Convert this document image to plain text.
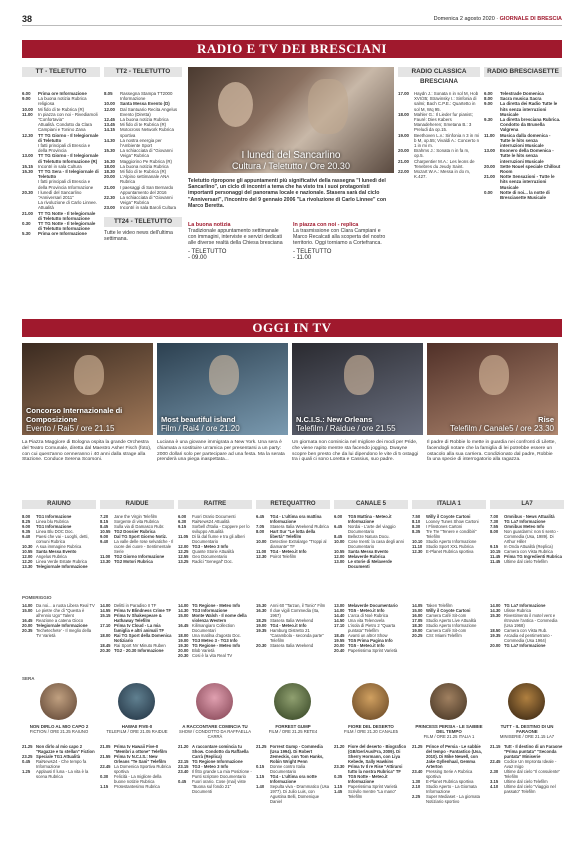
38	Domenica 2 agosto 2020 · GIORNALE DI BRESCIA
RADIO E TV DEI BRESCIANI
TT - TELETUTTO
6.00	Prima ore Informazione
9.00	La buona notizia Rubrica religiosa
10.00	Mi fido di te Rubrica (R)
11.00	In piazza con noi - Rivediamoli "Confortavia"
Attualità. Condotto da Clara Campiani e Tonino Zana
12.30	TT TG Giorno - Il telegiornale di Teletutto
I fatti principali di Brescia e della Provincia
13.00	TT TG Giorno - Il telegiornale di Teletutto Informazione (R)
15.15	Incontri in sala Cultura
15.30	TT TG Sera - Il telegiornale di Teletutto
I fatti principali di Brescia e della Provincia Informazione
20.30	I lunedì del Sancarlino "Anniversari 2011"
La rivoluzione di Carlo Linnee. Attualità
21.00	TT TG Notte - Il telegiornale di Teletutto Informazione
0.30	TT TG Notte - Il telegiornale di Teletutto Informazione
5.30	Prima ore Informazione
TT2 - TELETUTTO
8.05	Rassegna Stampa TT2000 Informazione
10.00	Santa Messa Evento (D)
12.00	Dal Santuario Recita Angelus Evento (Diretta)
12.45	La buona notizia Rubrica
13.45	Mi fido di te Rubrica (R)
14.15	Motocross Network Rubrica sportiva
14.30	La nostra energia per l'Ambiente Sport
15.30	La schiacciata di "Giovanni Veiga" Rubrica
16.30	Maggiorino Pe Rubrica (R)
18.00	La buona notizia Rubrica
18.30	Mi fido di te Rubrica (R)
20.00	L'Alpino settimanale ANA Rubrica
21.00	I paesaggi di San Bernardo Appuntamento del 2016
22.30	La schiacciata di "Giovanni Veiga" Rubrica
23.00	Incontri in sala Baroli Cultura
TT24 - TELETUTTO
Tutte le video news dell'ultima settimana.
I lunedì del Sancarlino
Cultura / Teletutto / Ore 20.30
Teletutto ripropone gli appuntamenti più significativi della rassegna "I lunedì del Sancarlino", un ciclo di incontri a tema che ha visto tra i suoi protagonisti importanti personaggi del panorama locale e nazionale. Stasera sarà dal ciclo "Anniversari", l'incontro del 9 gennaio 2006 "La rivoluzione di Carlo Linnee" con Marco Beretta.
La buona notizia
Tradizionale appuntamento settimanale con immagini, interviste e servizi dedicati alle diverse realtà della Chiesa bresciana
- TELETUTTO
- 09.00
In piazza con noi - replica
La trasmissione con Clara Campiani e Marco Recalcati alla scoperta del nostro territorio. Oggi torniamo a Cortefranca.
- TELETUTTO
- 11.00
RADIO CLASSICA BRESCIANA
17.00	Haydn J.: Sonata n in sol M, Hob XVI/35; Stravinsky I.: Sinfonia di salmi; Bach C.P.E.: Quartetto in sol M, Wq 95.
18.00	Mahler G.: Il Lieder fur pianist; Fauré: Dies Kabers Manadeheren; Smetana B.: 3 Preludi da op.15.
19.00	Beethoven L.v.: Sinfonia n 3 in mi b M, op.55; Vivaldi A.: Concerto n 1 in mi m.
20.00	Brahms J.: Sonata n in fa m, op.5.
21.00	Charpentier M.A.: Les leons de Tenebres du Jeudy Saint.
22.00	Mozart W.A.: Messa in do m, K.427.
RADIO BRESCIASETTE
6.00	Telestrade Domenica
8.00	Sacra musica Sacra
9.00	La diretta dei Radio Tutte le hits senza interruzioni Musicale
9.30	La diretta bresciana Rubrica. Condotto da Brunella Valgrena
11.00	Musica dalla domenica - Tutte le hits senza interruzioni Musicale
13.00	Esonero della Domenica - Tutte le hits senza interruzioni Musicale
20.00	Sette Nouel speciale Chillout Room
21.00	Notte Sensazioni - Tutte le hits senza interruzioni Musicale
0.00	Notte di noi... la notte di Bresciasette Musicale
OGGI IN TV
Concorso Internazionale di Composizione
Evento / Rai5 / ore 21.15
La Piazza Maggiore di Bologna ospita la grande Orchestra del Teatro Comunale, diretta dal Maestro Asher Fisch (foto), con cui quest'anno cenneranno i 40 anni dalla strage alla Stazione. Conduce Serena Scorsoni.
Most beautiful island
Film / Rai4 / ore 21.20
Luciana è una giovane immigrata a New York. Una sera è chiamata a sostituire un'amica per presentarsi a un party: 2000 dollari solo per partecipare ad una festa. Ma la serata prenderà una piega inaspettata...
N.C.I.S.: New Orleans
Telefilm / Raidue / ore 21.55
Un giornata non cominicia nel migliore dei modi per Pride, che viene rapito mentre sta facendo jogging. Dwayne scopre ben presto che da lui dipendono le vite di 5 ostaggi tra i quali ci sono Loretta e Cassius, suo padre.
Rise
Telefilm / Canale5 / ore 23.30
Il padre di Robbie lo mette in guardia nei confronti di Lilette, facendogli notare che la famiglia di lei potrebbe essere un ostacolo alla sua carriera. Condizionato dal padre, Robbie fa una specie di interrogatorio alla ragazza.
RAIUNO	RAIDUE	RAITRE	RETEQUATTRO	CANALE 5	ITALIA 1	LA7
8.00	TG1 Informazione
8.25	Linea blu Rubrica
9.00	TG1 Informazione
9.35	Linea Blu DOC Doc.
9.40	Paesi che vai - Luoghi, detti, comuni Rubrica
10.30 A sua immagine Rubrica
10.55 Santa Messa Evento
12.00 Angelus Rubrica
12.20 Linea Verde Estate Rubrica
13.30 Telegiornale Informazione
7.20	Jane the Virgin Telefilm
8.15	Sorgente di vita Rubrica
8.45	Sulla via di Damasco Rubr.
10.55 TG2 Dossier Rubrica
9.00	Dal TG Sport Giorno Notiz.
9.40	La valle delle rose selvatiche - Il cuore dei cuore - Sentimentale Serie
11.00 TG2 Giorno Informazione
13.30 TG2 Motori Rubrica
6.00	Fuori Orario Documenti
6.30	RaiNews24 Attualità
9.15	Sorbell d'Italia - Coppere per lo sviluppo Attualità
11.05 Di là dal fiume e tra gli alberi Documentario
12.00 TG3 - Meteo 3 Info
12.25 Quante Storie Attualità
12.55 Geo Documentario
13.25 Radici "Senegal" Doc.
6.45	TG4 - L'ultima ora mattina Informazione
7.05	Stasera Italia Weekend Rubrica
8.00	Hart Sur "Le lotta della libertà" Telefilm
10.00 Detective Extralarge "Troppi al diamante" TF
11.00 TG4 - Meteo.it Info
12.30 Poirot Telefilm
6.00	TG5 Mattina - Meteo.it Informazione
6.45	Nordai - L'arte del viaggio Documentario
8.45	Bellezze Natura Docu.
10.00 Cose Inenti: la casa degli anni Documentario
10.55 Santa Messa Evento
12.00 Melaverde Rubrica
13.00 Le storie di Melaverde Documenti
7.50	Willy il Coyote Cartoni
8.10	Looney Tunes Show Cartoni
8.30	I Flinstones Cartoni
8.35	Tre Tre "Tenere e condibiri" Telefilm
10.10 Studio Aperto Informazione
11.10 Studio Sport XXL Rubrica
12.30 E-Planet Rubrica sportiva
7.00	Omnibus - News Attualità
7.30	TG La7 Informazione
7.55	Omnibus Meteo Info
8.00	Non guardarmi: non ti sento - Commedia (Usa, 1989). Di Arthur Hiller
9.15	In Onda Attualità (Replica)
10.15 Camera con Vista Rubrica
11.45 Prima TG Ingredienti Rubrica
11.45 Ultime dal cielo Telefilm
POMERIGGIO
14.00 Da noi... a ruota Libera Real TV
15.00 Le pietre che di "Questa è all'ennio Ugo" Talent
16.45 Reazione a catena Gioco
20.00 Telegiornale Informazione
20.35 Techetechete' - Il meglio della TV Varietà
14.00 Delitti in Paradiso II TF
14.55 Prima tv Blindness Crime TF
15.15 Prima tv Shakespeare & Hathaway Telefilm
17.10 Prima tv Cloud - La mia famiglia e altri animali TF
18.00 Rai TG Sport della Domenica Notiziario
18.45 Rai Sport NV Minuto Ruben
20.30 TG2 - 20.30 Informazione
14.00 TG Regione - Meteo Info
14.30 TG3 Informazione
15.00 Monte Walsh - Il nome della violenza Western
16.45 Kilimangiaro Collection Documentari
18.00 Una matilna d'agosto Doc.
19.00 TG3 Meteo 3 - TG3 Info
19.30 TG Regione - Meteo Info
20.00 Blob Varietà
20.30 Cosi è la vita Real TV
15.30 Anni 60 "Tarzan, il Tonio" Film
16.30 Il due vigili Commedia (Ita, 1967)
18.25 Stasera Italia Weekend
19.00 TG4 - Meteo.it Info
19.35 Hamburg Distretto 21 "Carambola - seconda parte" Telefilm
20.30 Stasera Italia Weekend
13.00 Melaverde Documentario
14.00 TG5 - Meteo.it Info
14.40 L'arca di Noè Rubrica
14.50 Una vita Telenovela
17.10 L'isola di Pietro 2 "Quarta puntata" Telefilm
18.45 Avanti un altro! Show
19.55 TG5 Prima Pagina Info
20.00 TG5 - Meteo.it Info
20.40 Paperissima Sprint Varietà
14.05 Taken Telefilm
15.00 Willy il Coyote Cartoni
16.00 Camera Café Sit-com
17.05 Studio Aperto Live Attualità
18.30 Studio Aperto Informazione
19.00 Camera Café Sit-com
20.25 CSI: Miami Telefilm
14.00 TG La7 Informazione
14.30 Ulisse Rubrica
15.30 Rivestimento il motel vent e ritrovare l'antica - Commedia (Usa 1968)
18.50 Camera con Vista Rub.
19.35 Arcadia ed pentimetrano - Commedia (Usa 1964)
20.00 TG La7 Informazione
SERA
NON DIRLO AL MIO CAPO 2
FICTION / ORE 21.25 RAIUNO
21.25 Non dirlo al mio capo 2 "Ragazze e tu stellan" Fiction
23.25 Speciale TG1 Attualità
0.45	RaiNews24 - Che tempo fa Informazione
1.25	Applausi Il luna - La vita è la scena Rubrica
HAWAII FIVE-0
TELEFILM / ORE 21.05 RAIDUE
21.05 Prima tv Hawaii Five-0 "Membri a ottone" Telefilm
21.55 Prima tv N.C.I.S.: New Orleans "Te Sani" Telefilm
22.45 La Domenica Sportiva Rubrica sportiva
0.30	Felicità - La migliore della buone notizie Rubrica
1.15	Protestantesimo Rubrica
A RACCONTARE COMINCIA TU
SHOW / CONDOTTO DA RAFFAELLA CARRÀ
21.20 A raccontare comincia tu Show. Condotto da Raffaella Carrà (Replica)
22.15 TG Regione Informazione
23.15 TG3 - Meteo 3 Info
23.40 Il fitto grande La mia Posizione - Punti scriptore Documentario
0.45	Fuori orario. Cose (mai) viste "Buona sul fondo 21" Documenti
FORREST GUMP
FILM / ORE 21.25 RETE4
21.25 Forrest Gump - Commedia (Usa 1994). Di Robert Zemeckis, con Tom Hanks, Robin Wright Penn
0.15	Donne contro Italia Documentario
1.15	TG4 - L'ultima ora notte Informazione
1.40	Sepulta viva - Drammatico (Usa 1977). Di Julio Luis, con Agustina Belli, Domenique Daniel
FIORE DEL DESERTO
FILM / ORE 21.20 CANALE5
21.20 Fiore del deserto - Biografico (GB/Ger/Aus/Fra, 2009). Di Sherry Hormann, con Liya Kebede, Sally Hawkins
23.30 Prima tv Il re Rise "Attirarsi tutto la nostra Rubrica" TF
0.35	TG5 Notte - Meteo.it Informazione
1.15	Paperissima Sprint Varietà
1.45	Scrivilo mentre "La mano" Telefilm
PRINCESS PERSIA - LE SABBIE DEL TEMPO
FILM / ORE 21.25 ITALIA 1
21.25 Prince of Persia - Le sabbie del tempo - Fantastico (Usa, 2010). Di Mike Newell, con Jake Gyllenhaal, Gemma Arterton
23.40 Pressing Serie A Rubrica sportiva
1.30	E-Planet Rubrica sportiva
2.10	Studio Aperto - La Giornata Informazione
2.25	Super Mediaset - La giornata Notiziario sportivo
TUTT - IL DESTINO DI UN FARAONE
MINISERIE / ORE 21.15 LA7
21.15 Tutt - Il destino di un Faraone "Prima puntata" "Seconda puntata" Miniserie
22.45 Codice Un Impronta Ideale - Avaz Inigo
2.30	Ultime dal cielo "Il consulente" Telefilm
3.15	Ultime dal cielo Telefilm
4.10	Ultime dal cielo "Viaggio nel passato" Telefilm
